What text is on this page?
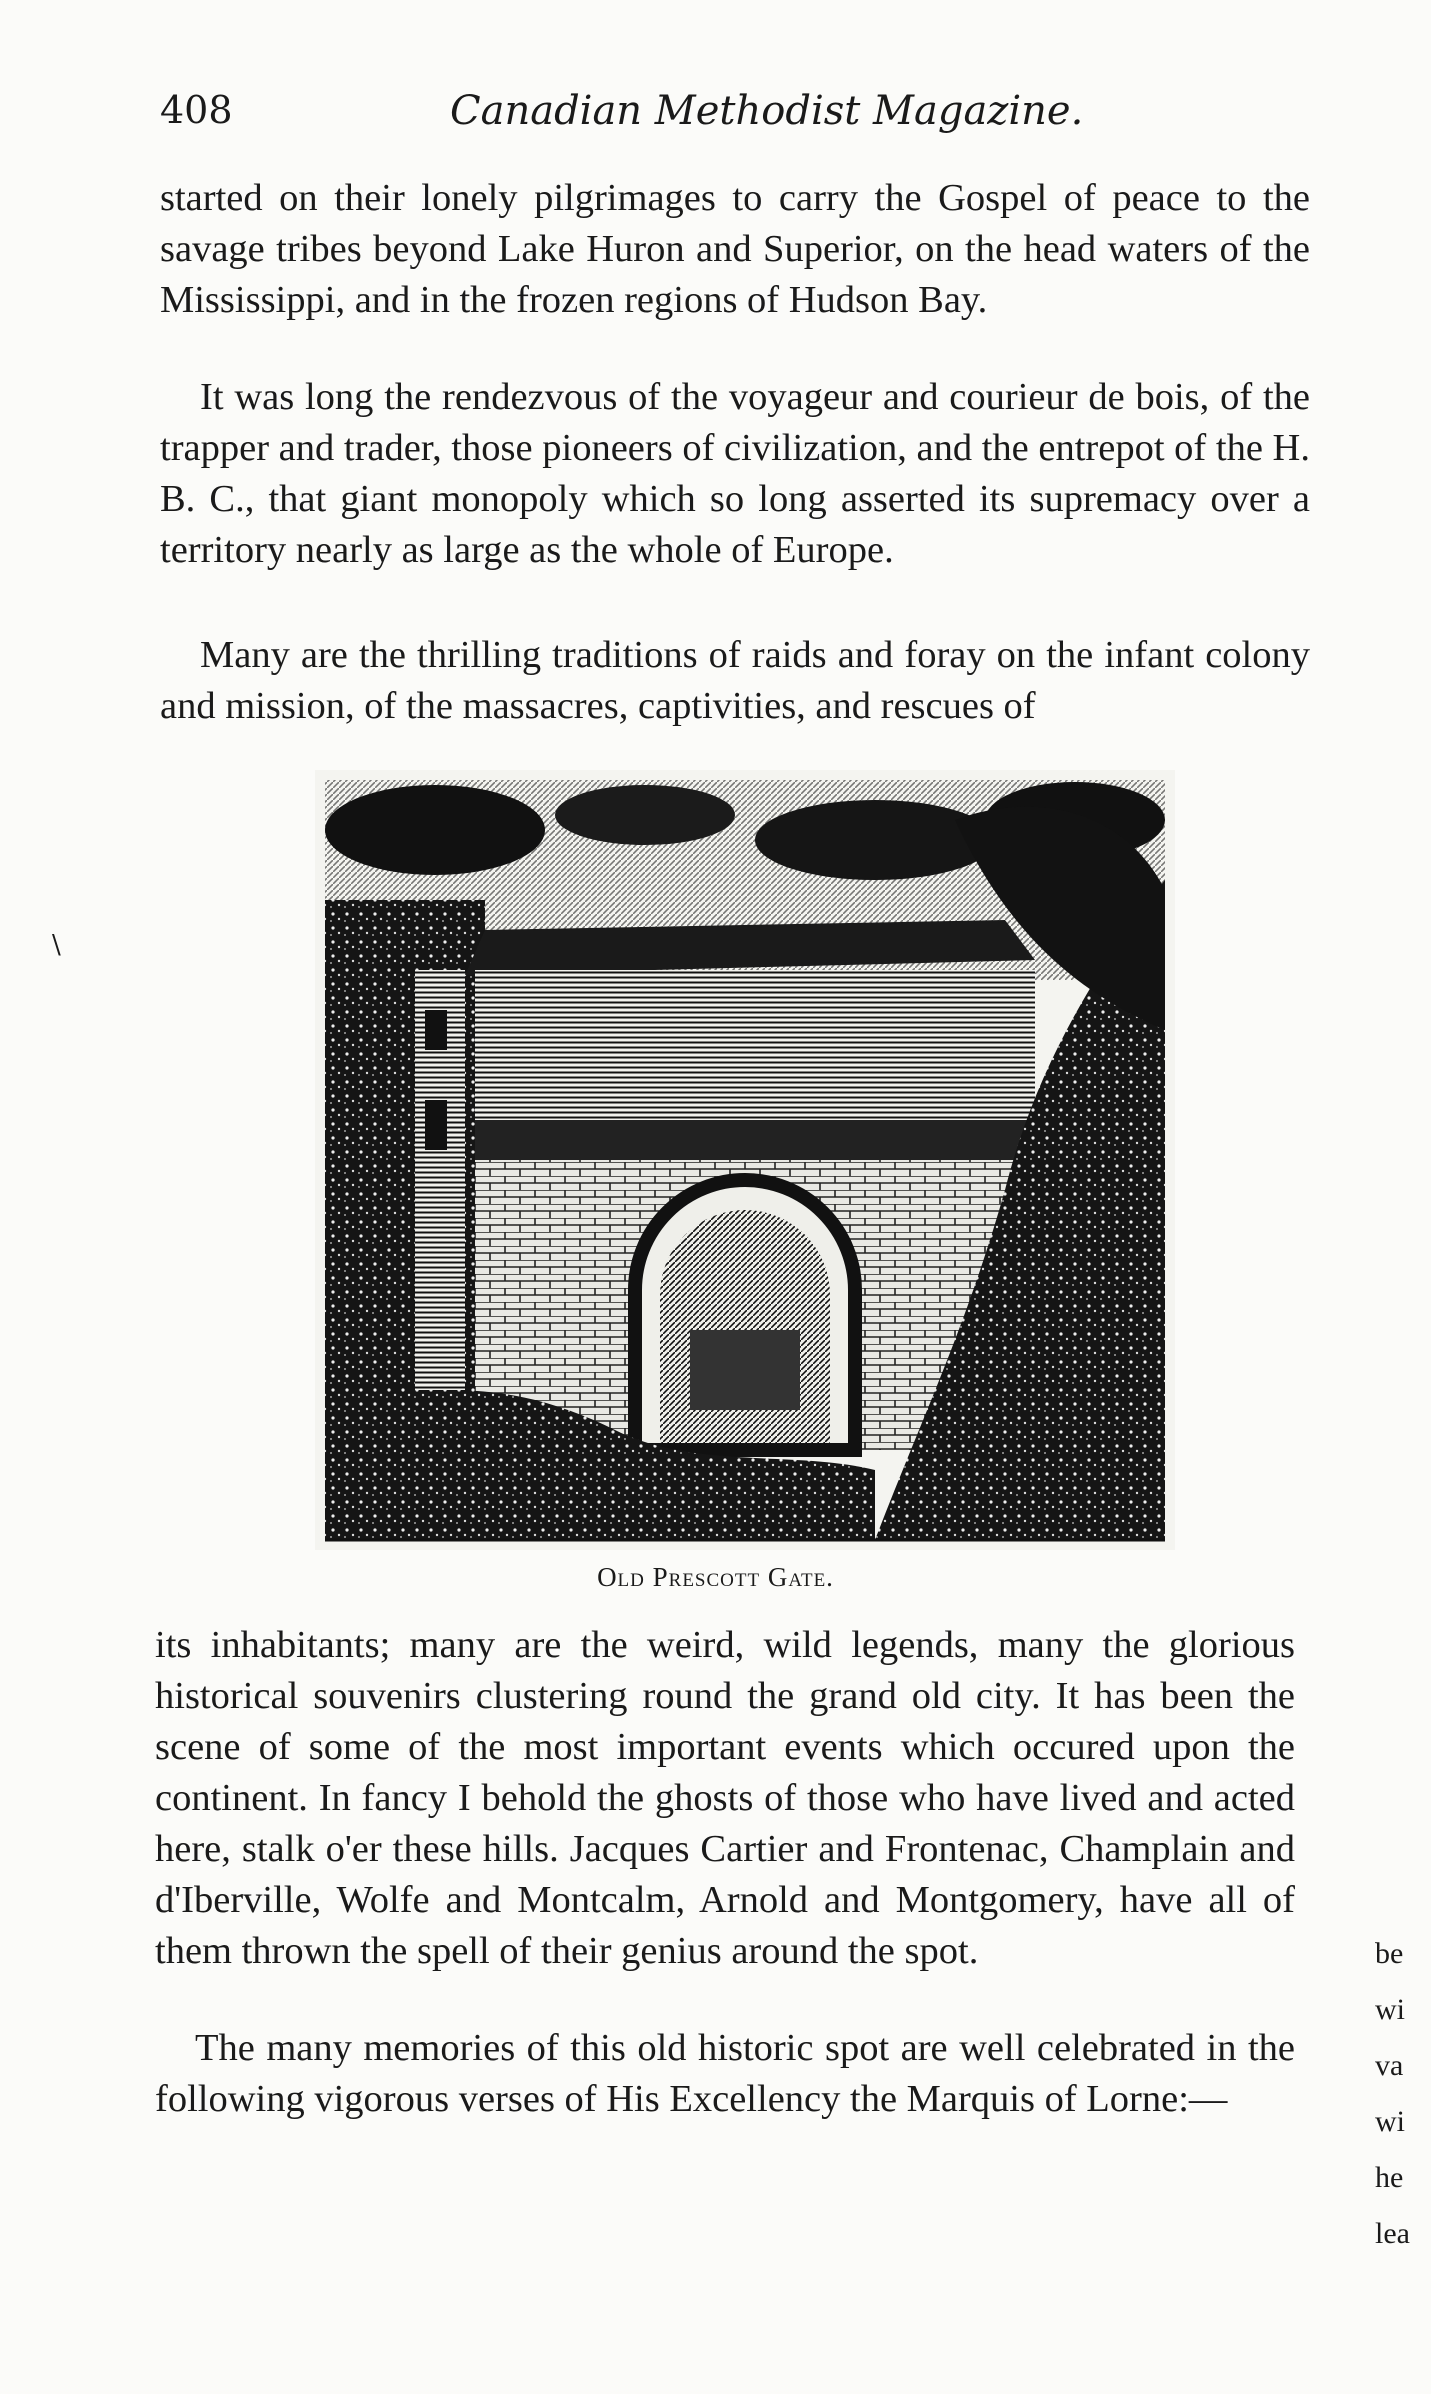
408	Canadian Methodist Magazine.

started on their lonely pilgrimages to carry the Gospel of peace to the savage tribes beyond Lake Huron and Superior, on the head waters of the Mississippi, and in the frozen regions of Hudson Bay.

It was long the rendezvous of the voyageur and courieur de bois, of the trapper and trader, those pioneers of civilization, and the entrepot of the H. B. C., that giant monopoly which so long asserted its supremacy over a territory nearly as large as the whole of Europe.

Many are the thrilling traditions of raids and foray on the infant colony and mission, of the massacres, captivities, and rescues of

Old Prescott Gate.

its inhabitants; many are the weird, wild legends, many the glorious historical souvenirs clustering round the grand old city. It has been the scene of some of the most important events which occured upon the continent. In fancy I behold the ghosts of those who have lived and acted here, stalk o'er these hills. Jacques Cartier and Frontenac, Champlain and d'Iberville, Wolfe and Montcalm, Arnold and Montgomery, have all of them thrown the spell of their genius around the spot.

The many memories of this old historic spot are well celebrated in the following vigorous verses of His Excellency the Marquis of Lorne:—

\
be
wi
va
wi
he
lea
